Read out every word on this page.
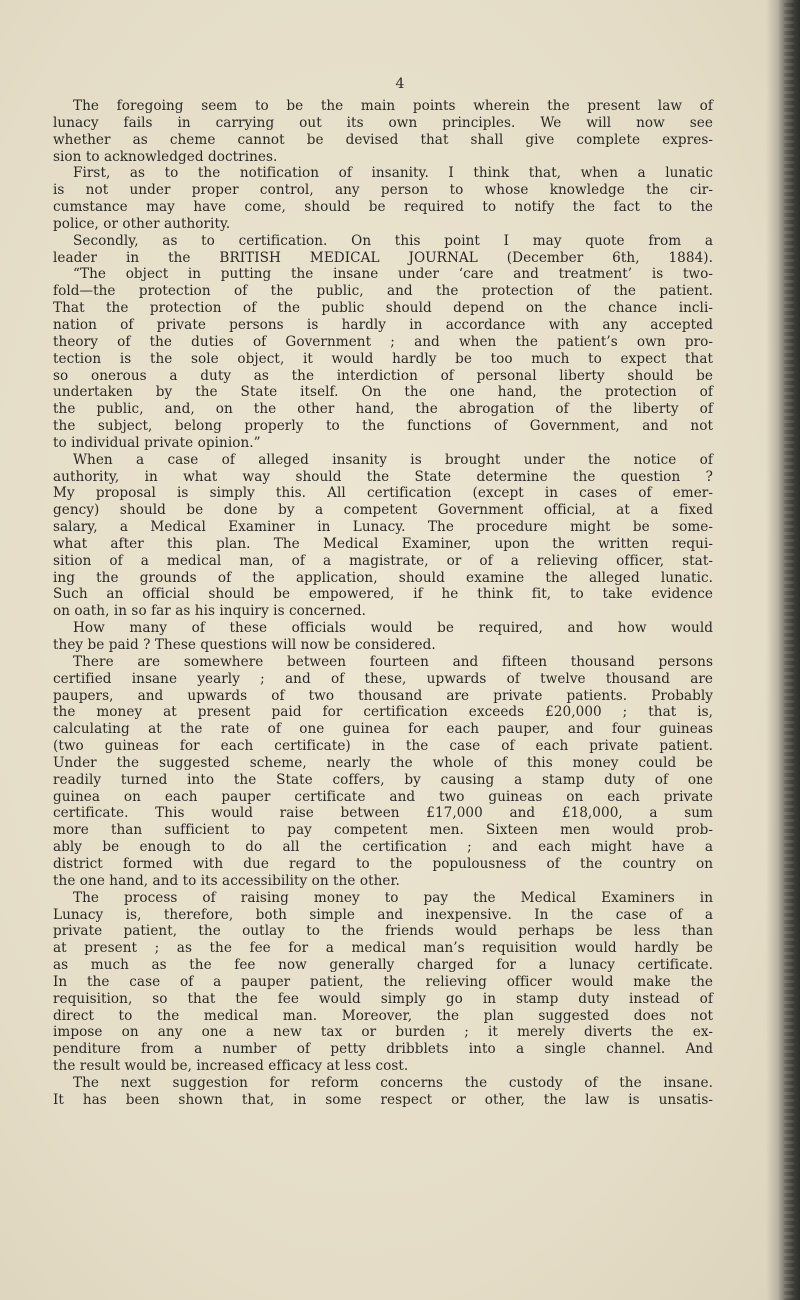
4
The foregoing seem to be the main points wherein the present law of
lunacy fails in carrying out its own principles. We will now see
whether as cheme cannot be devised that shall give complete expres-
sion to acknowledged doctrines.
First, as to the notification of insanity. I think that, when a lunatic
is not under proper control, any person to whose knowledge the cir-
cumstance may have come, should be required to notify the fact to the
police, or other authority.
Secondly, as to certification. On this point I may quote from a
leader in the BRITISH MEDICAL JOURNAL (December 6th, 1884).
“The object in putting the insane under ‘care and treatment’ is two-
fold—the protection of the public, and the protection of the patient.
That the protection of the public should depend on the chance incli-
nation of private persons is hardly in accordance with any accepted
theory of the duties of Government ; and when the patient’s own pro-
tection is the sole object, it would hardly be too much to expect that
so onerous a duty as the interdiction of personal liberty should be
undertaken by the State itself. On the one hand, the protection of
the public, and, on the other hand, the abrogation of the liberty of
the subject, belong properly to the functions of Government, and not
to individual private opinion.”
When a case of alleged insanity is brought under the notice of
authority, in what way should the State determine the question ?
My proposal is simply this. All certification (except in cases of emer-
gency) should be done by a competent Government official, at a fixed
salary, a Medical Examiner in Lunacy. The procedure might be some-
what after this plan. The Medical Examiner, upon the written requi-
sition of a medical man, of a magistrate, or of a relieving officer, stat-
ing the grounds of the application, should examine the alleged lunatic.
Such an official should be empowered, if he think fit, to take evidence
on oath, in so far as his inquiry is concerned.
How many of these officials would be required, and how would
they be paid ? These questions will now be considered.
There are somewhere between fourteen and fifteen thousand persons
certified insane yearly ; and of these, upwards of twelve thousand are
paupers, and upwards of two thousand are private patients. Probably
the money at present paid for certification exceeds £20,000 ; that is,
calculating at the rate of one guinea for each pauper, and four guineas
(two guineas for each certificate) in the case of each private patient.
Under the suggested scheme, nearly the whole of this money could be
readily turned into the State coffers, by causing a stamp duty of one
guinea on each pauper certificate and two guineas on each private
certificate. This would raise between £17,000 and £18,000, a sum
more than sufficient to pay competent men. Sixteen men would prob-
ably be enough to do all the certification ; and each might have a
district formed with due regard to the populousness of the country on
the one hand, and to its accessibility on the other.
The process of raising money to pay the Medical Examiners in
Lunacy is, therefore, both simple and inexpensive. In the case of a
private patient, the outlay to the friends would perhaps be less than
at present ; as the fee for a medical man’s requisition would hardly be
as much as the fee now generally charged for a lunacy certificate.
In the case of a pauper patient, the relieving officer would make the
requisition, so that the fee would simply go in stamp duty instead of
direct to the medical man. Moreover, the plan suggested does not
impose on any one a new tax or burden ; it merely diverts the ex-
penditure from a number of petty dribblets into a single channel. And
the result would be, increased efficacy at less cost.
The next suggestion for reform concerns the custody of the insane.
It has been shown that, in some respect or other, the law is unsatis-
